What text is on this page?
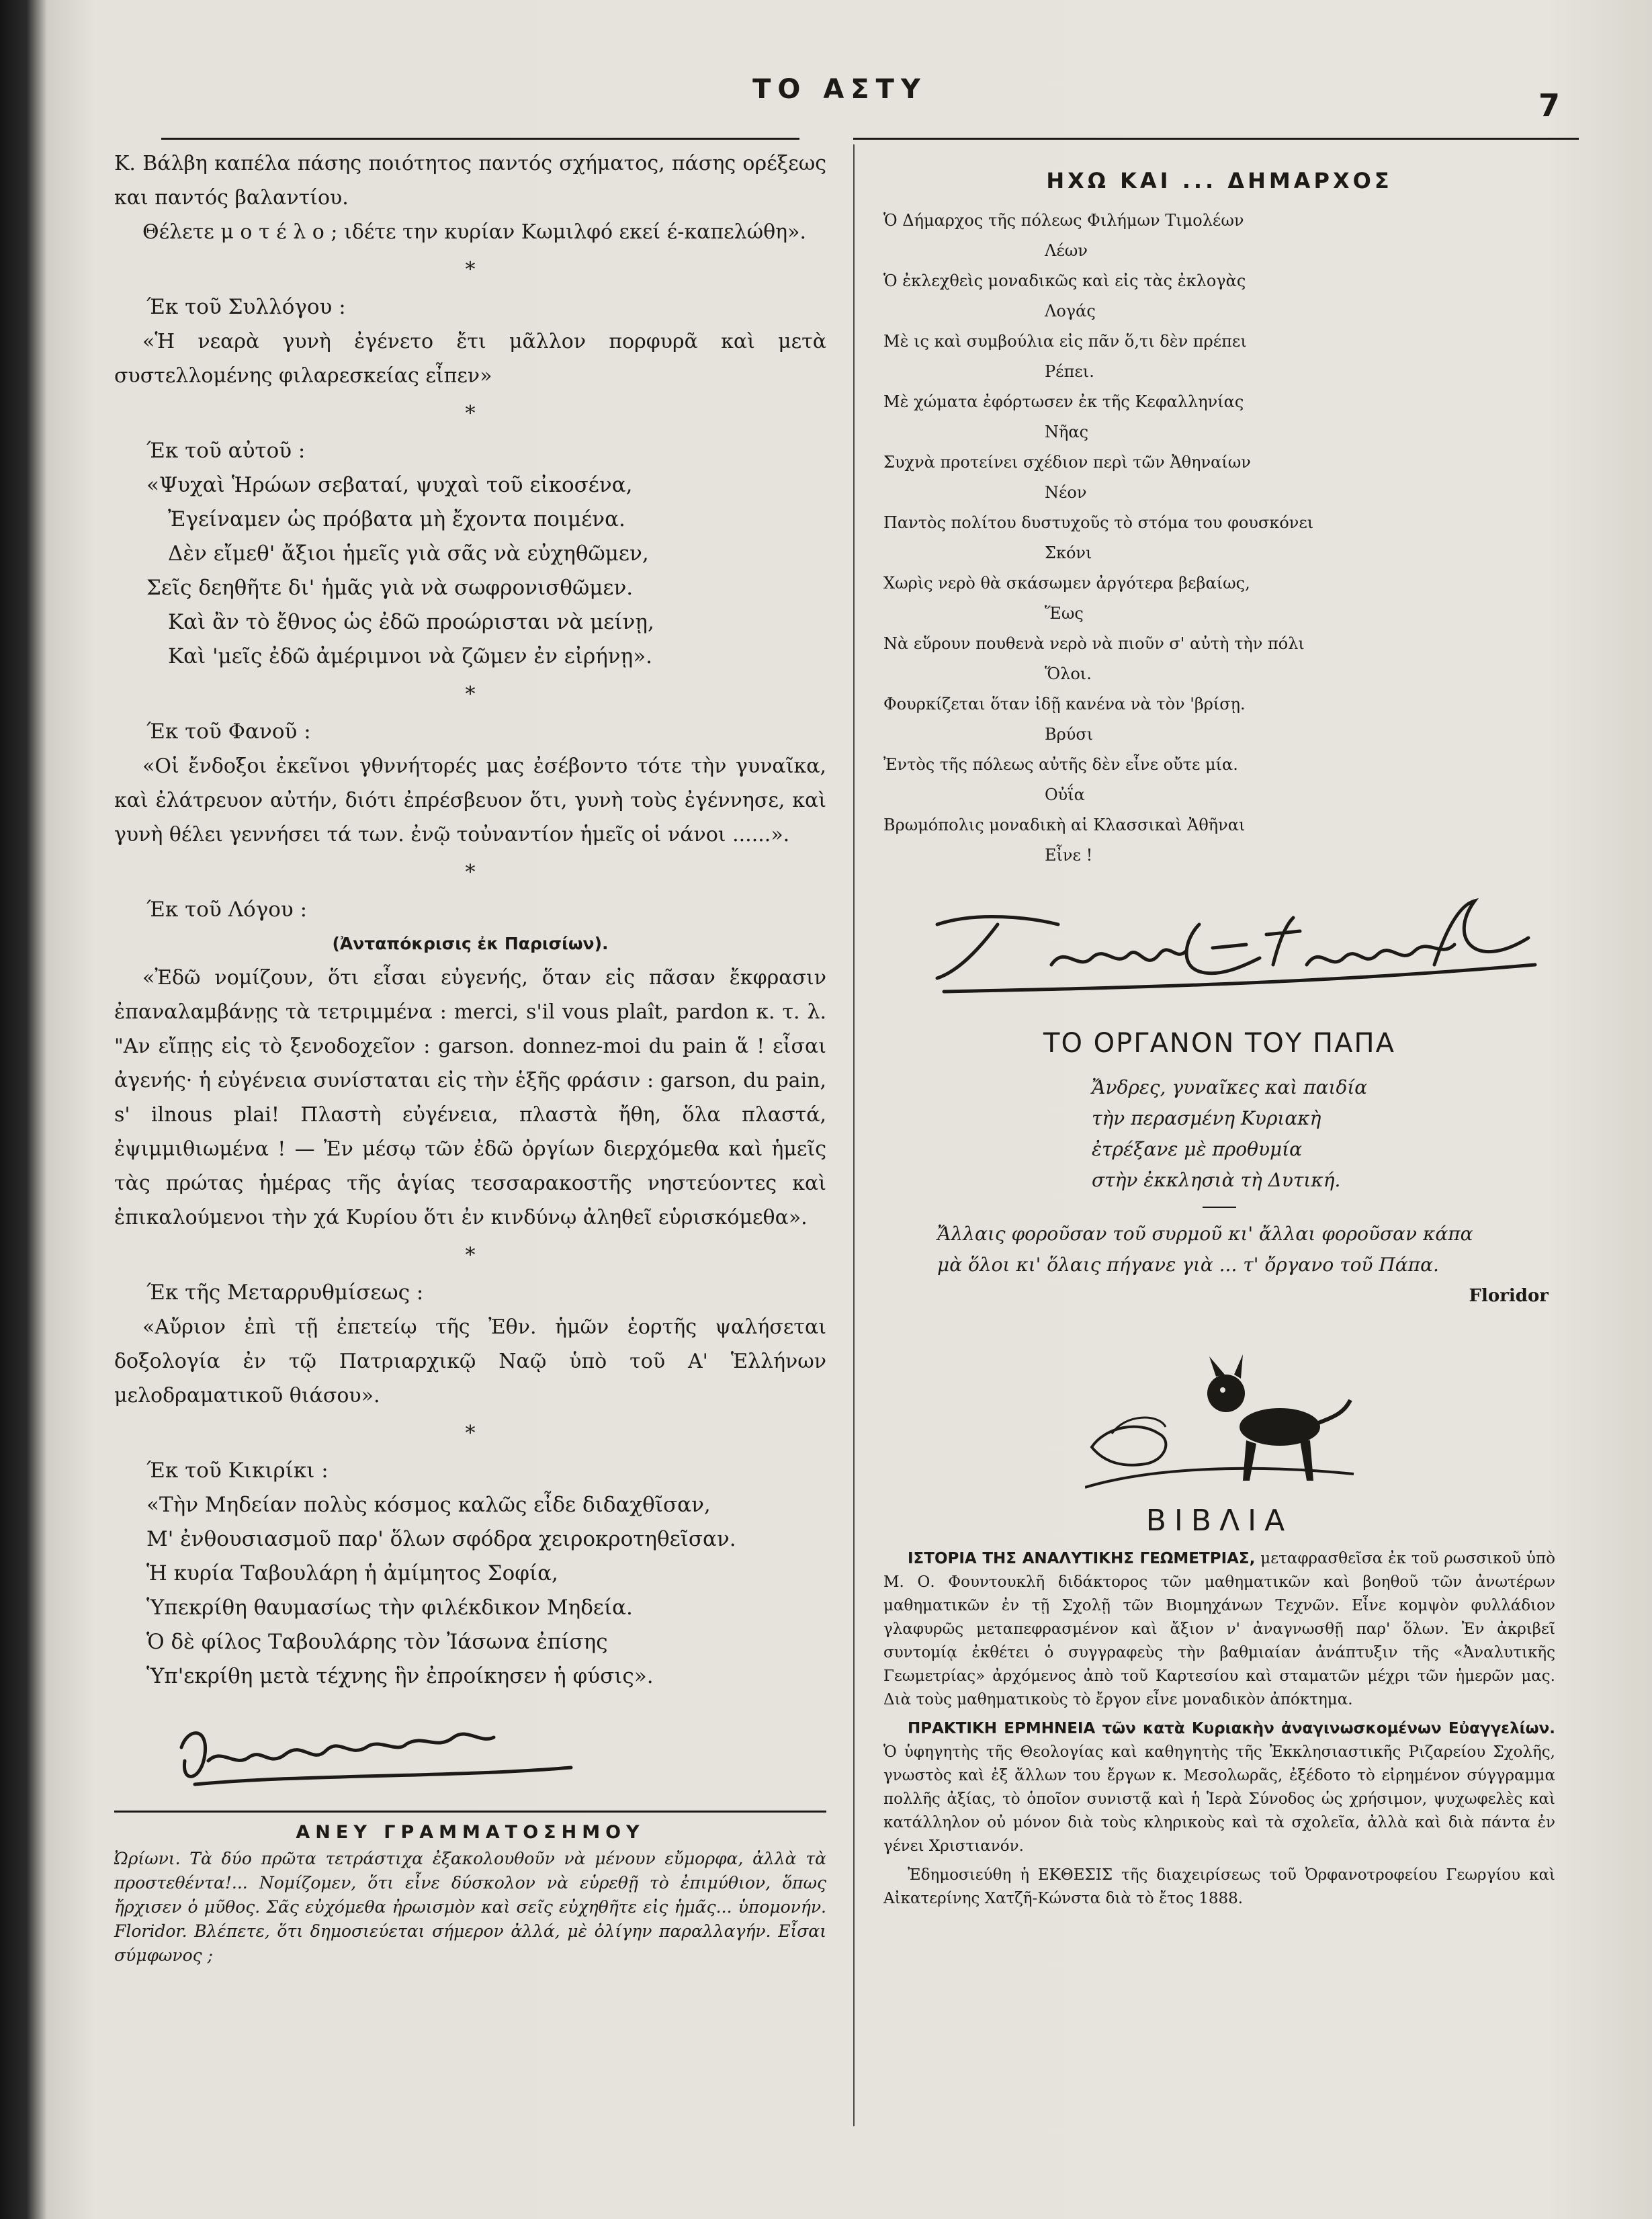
ΤΟ ΑΣΤΥ	7

Κ. Βάλβη καπέλα πάσης ποιότητος παντός σχήματος, πάσης ορέξεως και παντός βαλαντίου.

Θέλετε μ ο τ έ λ ο ; ιδέτε την κυρίαν Κωμιλφό εκεί έ-καπελώθη».

*

Έκ τοῦ Συλλόγου :

«Ἡ νεαρὰ γυνὴ ἐγένετο ἔτι μᾶλλον πορφυρᾶ καὶ μετὰ συστελλομένης φιλαρεσκείας εἶπεν»

*

Έκ τοῦ αὐτοῦ :

«Ψυχαὶ Ἡρώων σεβαταί, ψυχαὶ τοῦ εἰκοσένα,
Ἐγείναμεν ὡς πρόβατα μὴ ἔχοντα ποιμένα.
Δὲν εἴμεθ' ἄξιοι ἡμεῖς γιὰ σᾶς νὰ εὐχηθῶμεν,
Σεῖς δεηθῆτε δι' ἡμᾶς γιὰ νὰ σωφρονισθῶμεν.
Καὶ ἂν τὸ ἔθνος ὡς ἐδῶ προώρισται νὰ μείνῃ,
Καὶ 'μεῖς ἐδῶ ἀμέριμνοι νὰ ζῶμεν ἐν εἰρήνῃ».
*

Έκ τοῦ Φανοῦ :

«Οἱ ἔνδοξοι ἐκεῖνοι γθννήτορές μας ἐσέβοντο τότε τὴν γυναῖκα, καὶ ἐλάτρευον αὐτήν, διότι ἐπρέσβευον ὅτι, γυνὴ τοὺς ἐγέννησε, καὶ γυνὴ θέλει γεννήσει τά των. ἐνῷ τοὐναντίον ἡμεῖς οἱ νάνοι ......».

*

Έκ τοῦ Λόγου :

(Ἀνταπόκρισις ἐκ Παρισίων).

«Ἐδῶ νομίζουν, ὅτι εἶσαι εὐγενής, ὅταν εἰς πᾶσαν ἔκφρασιν ἐπαναλαμβάνῃς τὰ τετριμμένα : merci, s'il vous plaît, pardon κ. τ. λ. "Αν εἴπῃς εἰς τὸ ξενοδοχεῖον : garson. donnez-moi du pain ἅ ! εἶσαι ἀγενής· ἡ εὐγένεια συνίσταται εἰς τὴν ἑξῆς φράσιν : garson, du pain, s' ilnous plai! Πλαστὴ εὐγένεια, πλαστὰ ἤθη, ὅλα πλαστά, ἐψιμμιθιωμένα ! — Ἐν μέσῳ τῶν ἐδῶ ὀργίων διερχόμεθα καὶ ἡμεῖς τὰς πρώτας ἡμέρας τῆς ἁγίας τεσσαρακοστῆς νηστεύοντες καὶ ἐπικαλούμενοι τὴν χά Κυρίου ὅτι ἐν κινδύνῳ ἀληθεῖ εὑρισκόμεθα».

*

Έκ τῆς Μεταρρυθμίσεως :

«Αὔριον ἐπὶ τῇ ἐπετείῳ τῆς Ἐθν. ἡμῶν ἑορτῆς ψαλήσεται δοξολογία ἐν τῷ Πατριαρχικῷ Ναῷ ὑπὸ τοῦ Α' Ἑλλήνων μελοδραματικοῦ θιάσου».

*

Έκ τοῦ Κικιρίκι :

«Τὴν Μηδείαν πολὺς κόσμος καλῶς εἶδε διδαχθῖσαν,
Μ' ἐνθουσιασμοῦ παρ' ὅλων σφόδρα χειροκροτηθεῖσαν.
Ἡ κυρία Ταβουλάρη ἡ ἀμίμητος Σοφία,
Ὑπεκρίθη θαυμασίως τὴν φιλέκδικον Μηδεία.
Ὁ δὲ φίλος Ταβουλάρης τὸν Ἰάσωνα ἐπίσης
Ὑπ'εκρίθη μετὰ τέχνης ἣν ἐπροίκησεν ἡ φύσις».
ΑΝΕΥ ΓΡΑΜΜΑΤΟΣΗΜΟΥ

Ὠρίωνι. Τὰ δύο πρῶτα τετράστιχα ἐξακολουθοῦν νὰ μένουν εὔμορφα, ἀλλὰ τὰ προστεθέντα!... Νομίζομεν, ὅτι εἶνε δύσκολον νὰ εὑρεθῇ τὸ ἐπιμύθιον, ὅπως ἤρχισεν ὁ μῦθος. Σᾶς εὐχόμεθα ἠρωισμὸν καὶ σεῖς εὐχηθῆτε εἰς ἡμᾶς... ὑπομονήν. Floridor. Βλέπετε, ὅτι δημοσιεύεται σήμερον ἀλλά, μὲ ὀλίγην παραλλαγήν. Εἶσαι σύμφωνος ;

ΗΧΩ ΚΑΙ ... ΔΗΜΑΡΧΟΣ
Ὁ Δήμαρχος τῆς πόλεως Φιλήμων Τιμολέων
Λέων
Ὁ ἐκλεχθεὶς μοναδικῶς καὶ εἰς τὰς ἐκλογὰς
Λογάς
Μὲ ις καὶ συμβούλια εἰς πᾶν ὅ,τι δὲν πρέπει
Ρέπει.
Μὲ χώματα ἐφόρτωσεν ἐκ τῆς Κεφαλληνίας
Νῆας
Συχνὰ προτείνει σχέδιον περὶ τῶν Ἀθηναίων
Νέον
Παντὸς πολίτου δυστυχοῦς τὸ στόμα του φουσκόνει
Σκόνι
Χωρὶς νερὸ θὰ σκάσωμεν ἀργότερα βεβαίως,
Ἕως
Νὰ εὕρουν πουθενὰ νερὸ νὰ πιοῦν σ' αὐτὴ τὴν πόλι
Ὅλοι.
Φουρκίζεται ὅταν ἰδῇ κανένα νὰ τὸν 'βρίσῃ.
Βρύσι
Ἐντὸς τῆς πόλεως αὐτῆς δὲν εἶνε οὔτε μία.
Οὐΐα
Βρωμόπολις μοναδικὴ αἱ Κλασσικαὶ Ἀθῆναι
Εἶνε !
ΤΟ ΟΡΓΑΝΟΝ ΤΟΥ ΠΑΠΑ
Ἄνδρες, γυναῖκες καὶ παιδία
τὴν περασμένη Κυριακὴ
ἐτρέξανε μὲ προθυμία
στὴν ἐκκλησιὰ τὴ Δυτική.
Ἄλλαις φοροῦσαν τοῦ συρμοῦ κι' ἄλλαι φοροῦσαν κάπα
μὰ ὅλοι κι' ὅλαις πήγανε γιὰ ... τ' ὄργανο τοῦ Πάπα.
Floridor
ΒΙΒΛΙΑ

ΙΣΤΟΡΙΑ ΤΗΣ ΑΝΑΛΥΤΙΚΗΣ ΓΕΩΜΕΤΡΙΑΣ, μεταφρασθεῖσα ἐκ τοῦ ρωσσικοῦ ὑπὸ Μ. Ο. Φουντουκλῆ διδάκτορος τῶν μαθηματικῶν καὶ βοηθοῦ τῶν ἀνωτέρων μαθηματικῶν ἐν τῇ Σχολῇ τῶν Βιομηχάνων Τεχνῶν. Εἶνε κομψὸν φυλλάδιον γλαφυρῶς μεταπεφρασμένον καὶ ἄξιον ν' ἀναγνωσθῇ παρ' ὅλων. Ἐν ἀκριβεῖ συντομίᾳ ἐκθέτει ὁ συγγραφεὺς τὴν βαθμιαίαν ἀνάπτυξιν τῆς «Ἀναλυτικῆς Γεωμετρίας» ἀρχόμενος ἀπὸ τοῦ Καρτεσίου καὶ σταματῶν μέχρι τῶν ἡμερῶν μας. Διὰ τοὺς μαθηματικοὺς τὸ ἔργον εἶνε μοναδικὸν ἀπόκτημα.

ΠΡΑΚΤΙΚΗ ΕΡΜΗΝΕΙΑ τῶν κατὰ Κυριακὴν ἀναγινωσκομένων Εὐαγγελίων. Ὁ ὑφηγητὴς τῆς Θεολογίας καὶ καθηγητὴς τῆς Ἐκκλησιαστικῆς Ριζαρείου Σχολῆς, γνωστὸς καὶ ἐξ ἄλλων του ἔργων κ. Μεσολωρᾶς, ἐξέδοτο τὸ εἰρημένον σύγγραμμα πολλῆς ἀξίας, τὸ ὁποῖον συνιστᾷ καὶ ἡ Ἱερὰ Σύνοδος ὡς χρήσιμον, ψυχωφελὲς καὶ κατάλληλον οὐ μόνον διὰ τοὺς κληρικοὺς καὶ τὰ σχολεῖα, ἀλλὰ καὶ διὰ πάντα ἐν γένει Χριστιανόν.

Ἐδημοσιεύθη ἡ ΕΚΘΕΣΙΣ τῆς διαχειρίσεως τοῦ Ὀρφανοτροφείου Γεωργίου καὶ Αἰκατερίνης Χατζῆ-Κώνστα διὰ τὸ ἔτος 1888.
